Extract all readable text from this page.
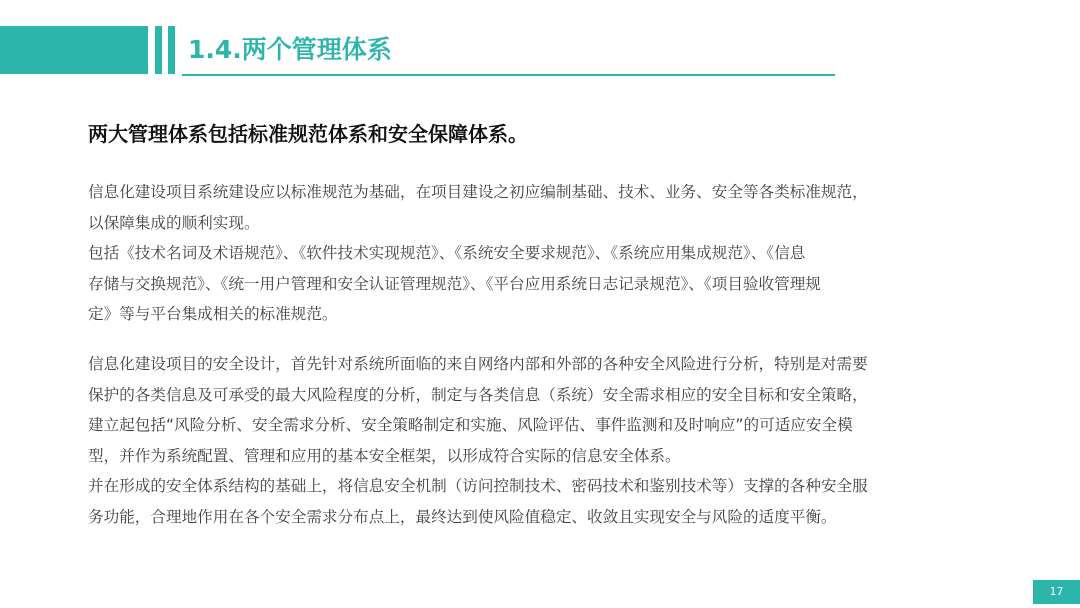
1.4.两个管理体系
两大管理体系包括标准规范体系和安全保障体系。

信息化建设项目系统建设应以标准规范为基础，在项目建设之初应编制基础、技术、业务、安全等各类标准规范，

以保障集成的顺利实现。

包括《技术名词及术语规范》、《软件技术实现规范》、《系统安全要求规范》、《系统应用集成规范》、《信息

存储与交换规范》、《统一用户管理和安全认证管理规范》、《平台应用系统日志记录规范》、《项目验收管理规

定》等与平台集成相关的标准规范。

信息化建设项目的安全设计，首先针对系统所面临的来自网络内部和外部的各种安全风险进行分析，特别是对需要

保护的各类信息及可承受的最大风险程度的分析，制定与各类信息（系统）安全需求相应的安全目标和安全策略，

建立起包括“风险分析、安全需求分析、安全策略制定和实施、风险评估、事件监测和及时响应”的可适应安全模

型，并作为系统配置、管理和应用的基本安全框架，以形成符合实际的信息安全体系。

并在形成的安全体系结构的基础上，将信息安全机制（访问控制技术、密码技术和鉴别技术等）支撑的各种安全服

务功能，合理地作用在各个安全需求分布点上，最终达到使风险值稳定、收敛且实现安全与风险的适度平衡。

17
